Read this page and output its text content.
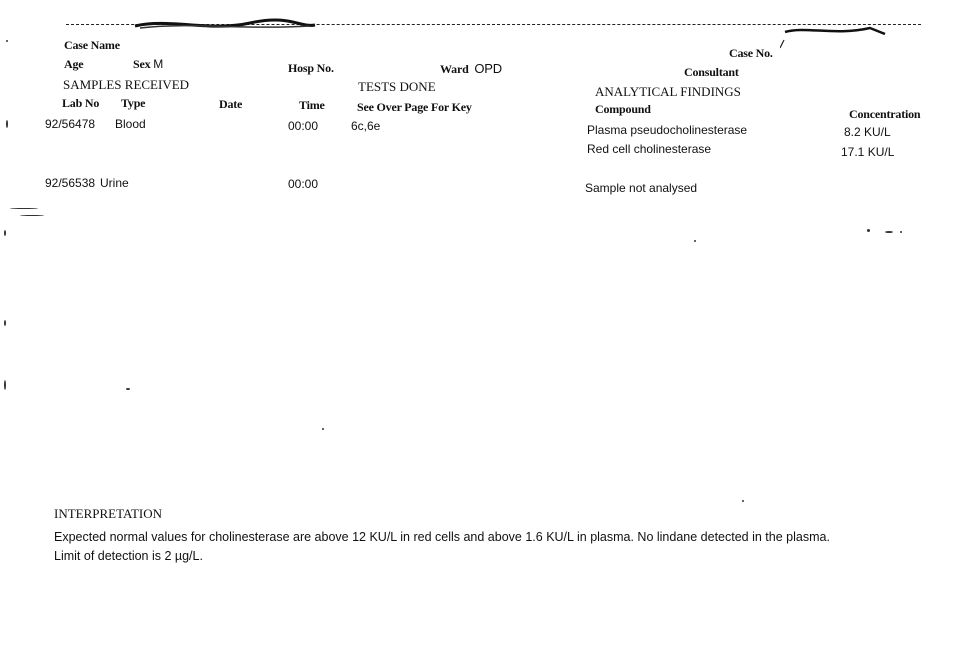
Case Name
Case No.
Age	Sex M	Hosp No.	Ward OPD	Consultant
SAMPLES RECEIVED	TESTS DONE	ANALYTICAL FINDINGS
Lab No Type	Date	Time	See Over Page For Key	Compound	Concentration
92/56478 Blood	00:00	6c,6e	Plasma pseudocholinesterase	8.2 KU/L
Red cell cholinesterase	17.1 KU/L
92/56538 Urine	00:00	Sample not analysed
INTERPRETATION
Expected normal values for cholinesterase are above 12 KU/L in red cells and above 1.6 KU/L in plasma. No lindane detected in the plasma. Limit of detection is 2 µg/L.
